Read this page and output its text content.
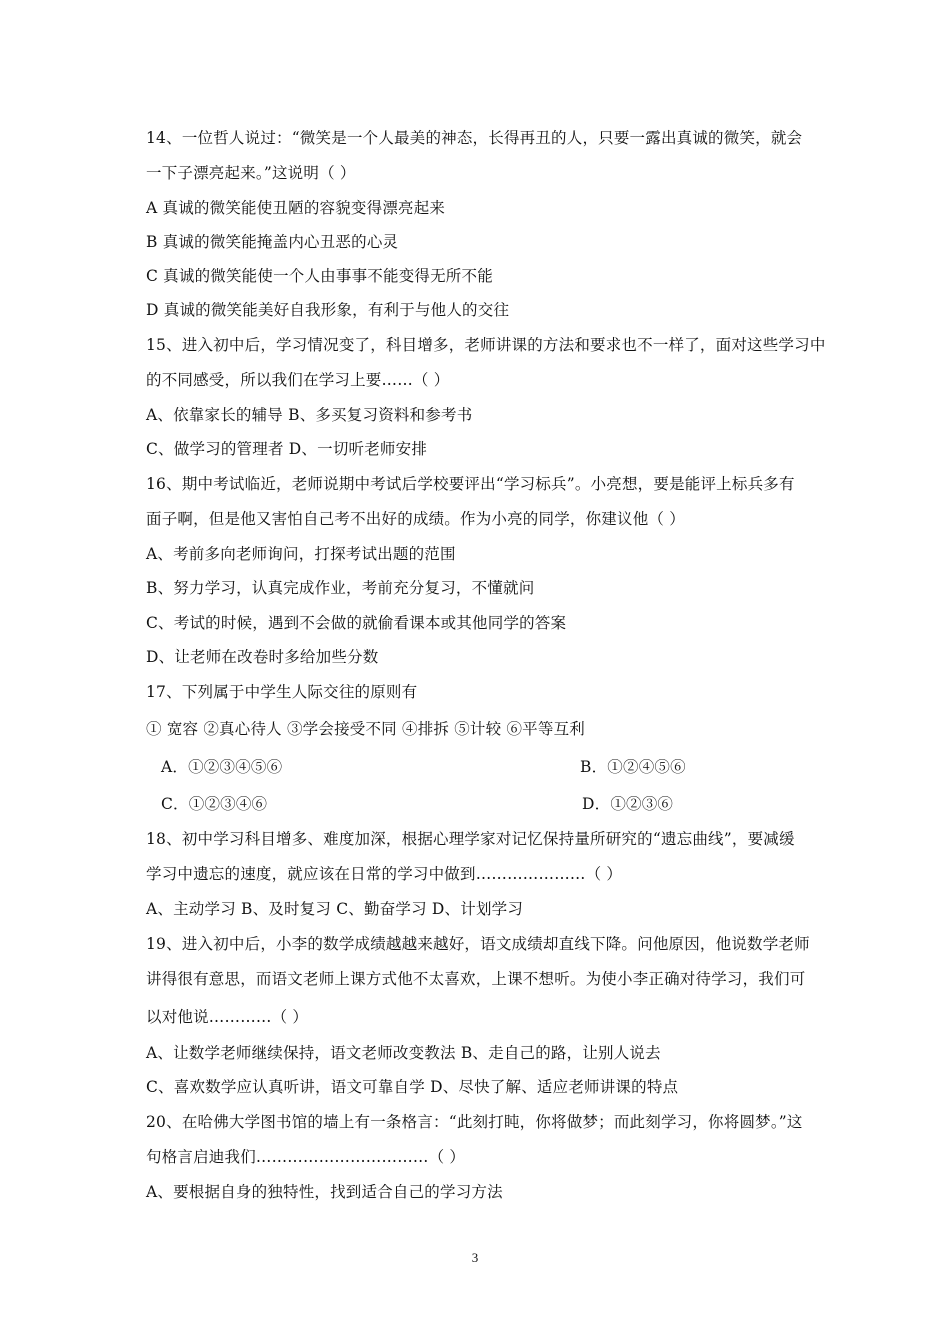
14、一位哲人说过：“微笑是一个人最美的神态，长得再丑的人，只要一露出真诚的微笑，就会
一下子漂亮起来。”这说明（ ）
A 真诚的微笑能使丑陋的容貌变得漂亮起来
B 真诚的微笑能掩盖内心丑恶的心灵
C 真诚的微笑能使一个人由事事不能变得无所不能
D 真诚的微笑能美好自我形象，有利于与他人的交往
15、进入初中后，学习情况变了，科目增多，老师讲课的方法和要求也不一样了，面对这些学习中
的不同感受，所以我们在学习上要……（ ）
A、依靠家长的辅导 B、多买复习资料和参考书
C、做学习的管理者 D、一切听老师安排
16、期中考试临近，老师说期中考试后学校要评出“学习标兵”。小亮想，要是能评上标兵多有
面子啊，但是他又害怕自己考不出好的成绩。作为小亮的同学，你建议他（ ）
A、考前多向老师询问，打探考试出题的范围
B、努力学习，认真完成作业，考前充分复习，不懂就问
C、考试的时候，遇到不会做的就偷看课本或其他同学的答案
D、让老师在改卷时多给加些分数
17、下列属于中学生人际交往的原则有
① 宽容 ②真心待人 ③学会接受不同 ④排拆 ⑤计较 ⑥平等互利
A．①②③④⑤⑥	B．①②④⑤⑥
C．①②③④⑥	D．①②③⑥
18、初中学习科目增多、难度加深，根据心理学家对记忆保持量所研究的“遗忘曲线”，要减缓
学习中遗忘的速度，就应该在日常的学习中做到…………………（ ）
A、主动学习 B、及时复习 C、勤奋学习 D、计划学习
19、进入初中后，小李的数学成绩越越来越好，语文成绩却直线下降。问他原因，他说数学老师
讲得很有意思，而语文老师上课方式他不太喜欢，上课不想听。为使小李正确对待学习，我们可
以对他说…………（ ）
A、让数学老师继续保持，语文老师改变教法 B、走自己的路，让别人说去
C、喜欢数学应认真听讲，语文可靠自学 D、尽快了解、适应老师讲课的特点
20、在哈佛大学图书馆的墙上有一条格言：“此刻打盹，你将做梦；而此刻学习，你将圆梦。”这
句格言启迪我们……………………………（ ）
A、要根据自身的独特性，找到适合自己的学习方法
3
